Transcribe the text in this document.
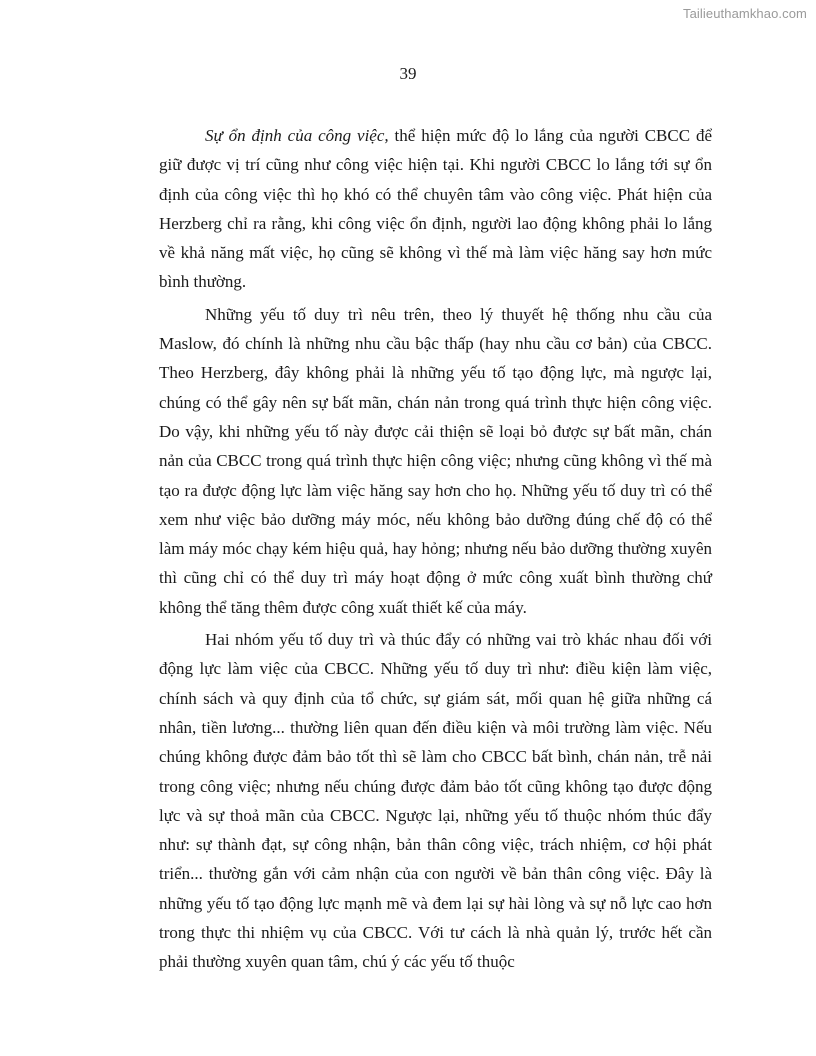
Tailieuthamkhao.com
39

Sự ổn định của công việc, thể hiện mức độ lo lắng của người CBCC để giữ được vị trí cũng như công việc hiện tại. Khi người CBCC lo lắng tới sự ổn định của công việc thì họ khó có thể chuyên tâm vào công việc. Phát hiện của Herzberg chỉ ra rằng, khi công việc ổn định, người lao động không phải lo lắng về khả năng mất việc, họ cũng sẽ không vì thế mà làm việc hăng say hơn mức bình thường.

Những yếu tố duy trì nêu trên, theo lý thuyết hệ thống nhu cầu của Maslow, đó chính là những nhu cầu bậc thấp (hay nhu cầu cơ bản) của CBCC. Theo Herzberg, đây không phải là những yếu tố tạo động lực, mà ngược lại, chúng có thể gây nên sự bất mãn, chán nản trong quá trình thực hiện công việc. Do vậy, khi những yếu tố này được cải thiện sẽ loại bỏ được sự bất mãn, chán nản của CBCC trong quá trình thực hiện công việc; nhưng cũng không vì thế mà tạo ra được động lực làm việc hăng say hơn cho họ. Những yếu tố duy trì có thể xem như việc bảo dưỡng máy móc, nếu không bảo dưỡng đúng chế độ có thể làm máy móc chạy kém hiệu quả, hay hỏng; nhưng nếu bảo dưỡng thường xuyên thì cũng chỉ có thể duy trì máy hoạt động ở mức công xuất bình thường chứ không thể tăng thêm được công xuất thiết kế của máy.

Hai nhóm yếu tố duy trì và thúc đẩy có những vai trò khác nhau đối với động lực làm việc của CBCC. Những yếu tố duy trì như: điều kiện làm việc, chính sách và quy định của tổ chức, sự giám sát, mối quan hệ giữa những cá nhân, tiền lương... thường liên quan đến điều kiện và môi trường làm việc. Nếu chúng không được đảm bảo tốt thì sẽ làm cho CBCC bất bình, chán nản, trễ nải trong công việc; nhưng nếu chúng được đảm bảo tốt cũng không tạo được động lực và sự thoả mãn của CBCC. Ngược lại, những yếu tố thuộc nhóm thúc đẩy như: sự thành đạt, sự công nhận, bản thân công việc, trách nhiệm, cơ hội phát triển... thường gắn với cảm nhận của con người về bản thân công việc. Đây là những yếu tố tạo động lực mạnh mẽ và đem lại sự hài lòng và sự nỗ lực cao hơn trong thực thi nhiệm vụ của CBCC. Với tư cách là nhà quản lý, trước hết cần phải thường xuyên quan tâm, chú ý các yếu tố thuộc
